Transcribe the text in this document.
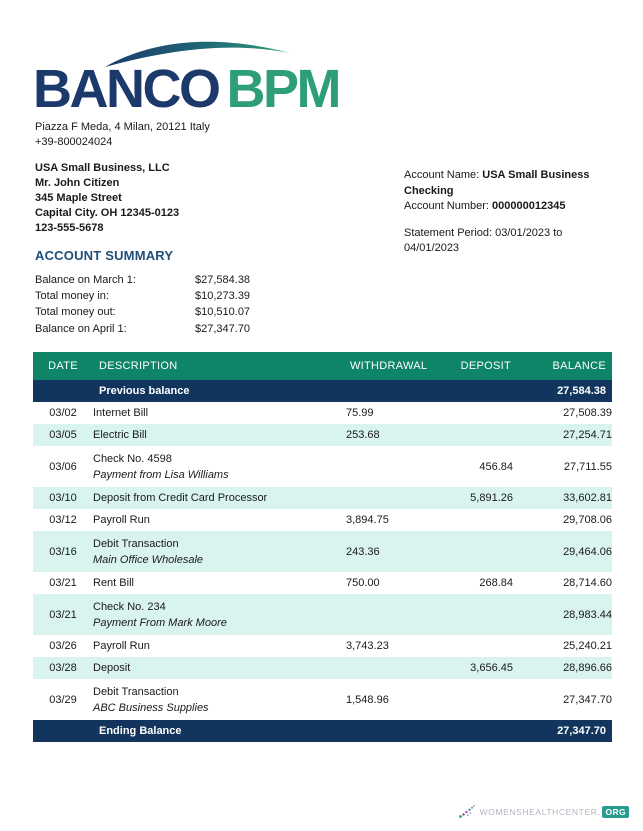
BANCO BPM
Piazza F Meda, 4 Milan, 20121 Italy
+39-800024024
USA Small Business, LLC
Mr. John Citizen
345 Maple Street
Capital City. OH 12345-0123
123-555-5678
Account Name: USA Small Business Checking
Account Number: 000000012345
Statement Period: 03/01/2023 to 04/01/2023
ACCOUNT SUMMARY
Balance on March 1:	$27,584.38
Total money in:	$10,273.39
Total money out:	$10,510.07
Balance on April 1:	$27,347.70
DATE	DESCRIPTION	WITHDRAWAL	DEPOSIT	BALANCE

	Previous balance			27,584.38

03/02	Internet Bill	75.99		27,508.39

03/05	Electric Bill	253.68		27,254.71

03/06	Check No. 4598
Payment from Lisa Williams		456.84	27,711.55

03/10	Deposit from Credit Card Processor		5,891.26	33,602.81

03/12	Payroll Run	3,894.75		29,708.06

03/16	Debit Transaction
Main Office Wholesale	243.36		29,464.06

03/21	Rent Bill	750.00	268.84	28,714.60

03/21	Check No. 234
Payment From Mark Moore			28,983.44

03/26	Payroll Run	3,743.23		25,240.21

03/28	Deposit		3,656.45	28,896.66

03/29	Debit Transaction
ABC Business Supplies	1,548.96		27,347.70

	Ending Balance			27,347.70
WOMENSHEALTHCENTER. ORG
